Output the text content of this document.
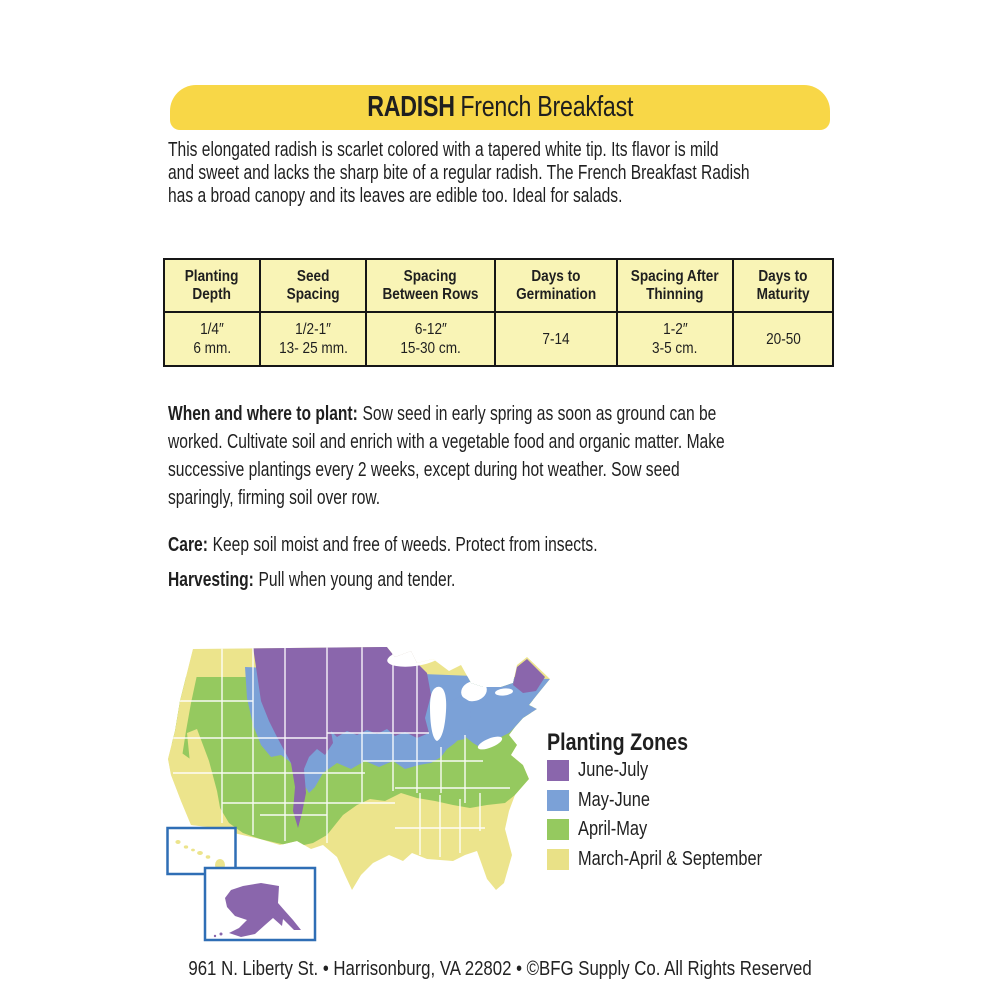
RADISH French Breakfast
This elongated radish is scarlet colored with a tapered white tip. Its flavor is mild
and sweet and lacks the sharp bite of a regular radish. The French Breakfast Radish
has a broad canopy and its leaves are edible too. Ideal for salads.
Planting
Depth
Seed
Spacing
Spacing
Between Rows
Days to
Germination
Spacing After
Thinning
Days to
Maturity
1/4″
6 mm.
1/2-1″
13- 25 mm.
6-12″
15-30 cm.
7-14
1-2″
3-5 cm.
20-50
When and where to plant: Sow seed in early spring as soon as ground can be
worked. Cultivate soil and enrich with a vegetable food and organic matter. Make
successive plantings every 2 weeks, except during hot weather. Sow seed
sparingly, firming soil over row.
Care: Keep soil moist and free of weeds. Protect from insects.
Harvesting: Pull when young and tender.
Planting Zones
June-July
May-June
April-May
March-April & September
961 N. Liberty St. • Harrisonburg, VA 22802 • ©BFG Supply Co. All Rights Reserved
